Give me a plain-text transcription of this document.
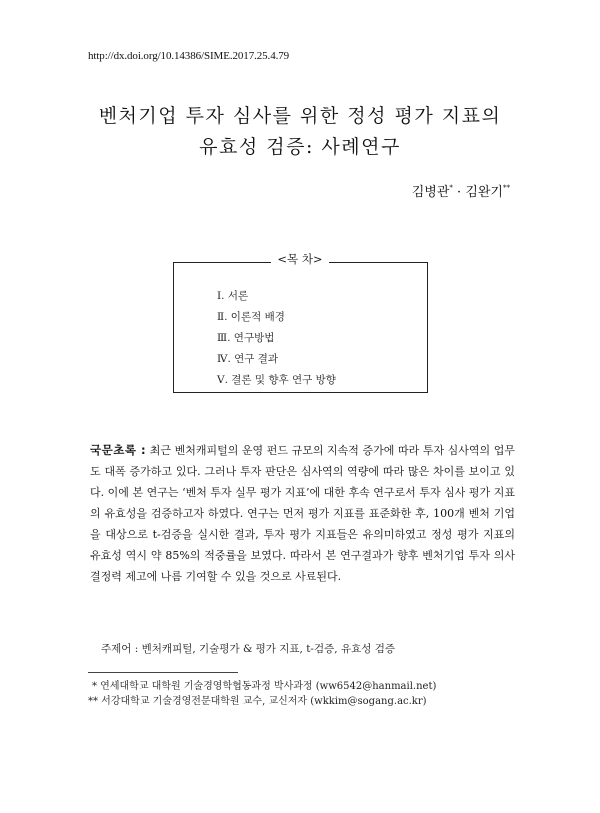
http://dx.doi.org/10.14386/SIME.2017.25.4.79
벤처기업 투자 심사를 위한 정성 평가 지표의
유효성 검증: 사례연구
김병관* · 김완기**
<목 차>
Ⅰ. 서론
Ⅱ. 이론적 배경
Ⅲ. 연구방법
Ⅳ. 연구 결과
Ⅴ. 결론 및 향후 연구 방향
국문초록 : 최근 벤처캐피털의 운영 펀드 규모의 지속적 증가에 따라 투자 심사역의 업무도 대폭 증가하고 있다. 그러나 투자 판단은 심사역의 역량에 따라 많은 차이를 보이고 있다. 이에 본 연구는 ‘벤처 투자 실무 평가 지표’에 대한 후속 연구로서 투자 심사 평가 지표의 유효성을 검증하고자 하였다. 연구는 먼저 평가 지표를 표준화한 후, 100개 벤처 기업을 대상으로 t-검증을 실시한 결과, 투자 평가 지표들은 유의미하였고 정성 평가 지표의 유효성 역시 약 85%의 적중률을 보였다. 따라서 본 연구결과가 향후 벤처기업 투자 의사 결정력 제고에 나름 기여할 수 있을 것으로 사료된다.
주제어 : 벤처캐피털, 기술평가 & 평가 지표, t-검증, 유효성 검증
* 연세대학교 대학원 기술경영학협동과정 박사과정 (ww6542@hanmail.net)
** 서강대학교 기술경영전문대학원 교수, 교신저자 (wkkim@sogang.ac.kr)
